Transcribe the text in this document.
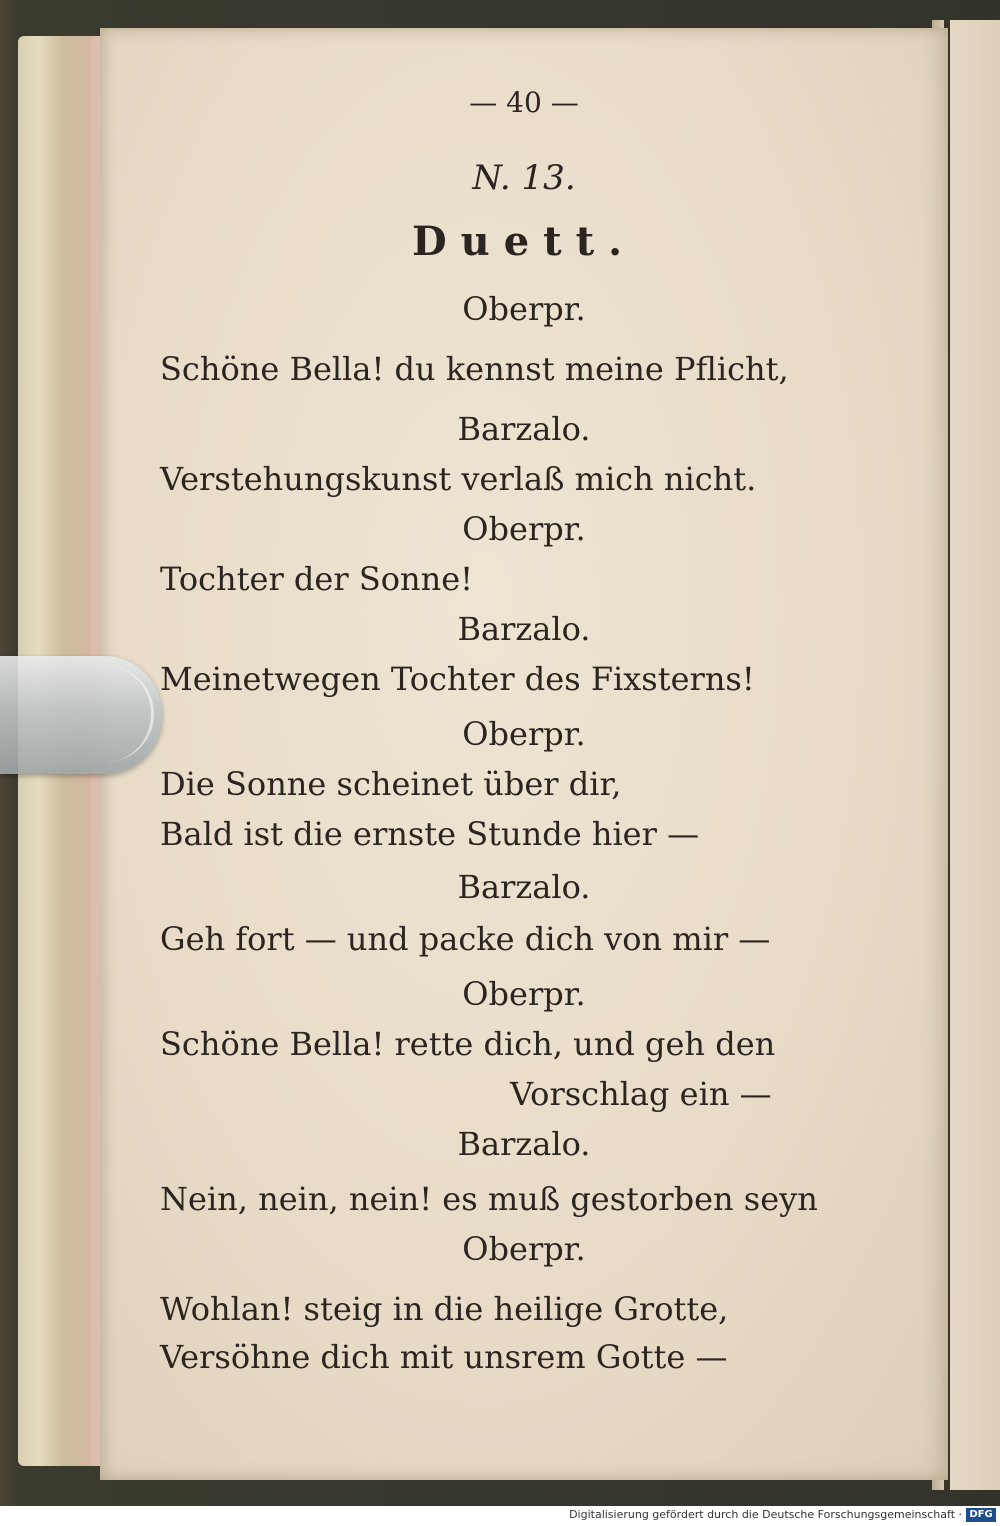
— 40 —
N. 13.
Duett.
Oberpr.
Schöne Bella! du kennst meine Pflicht,
Barzalo.
Verstehungskunst verlaß mich nicht.
Oberpr.
Tochter der Sonne!
Barzalo.
Meinetwegen Tochter des Fixsterns!
Oberpr.
Die Sonne scheinet über dir,
Bald ist die ernste Stunde hier —
Barzalo.
Geh fort — und packe dich von mir —
Oberpr.
Schöne Bella! rette dich, und geh den
Vorschlag ein —
Barzalo.
Nein, nein, nein! es muß gestorben seyn
Oberpr.
Wohlan! steig in die heilige Grotte,
Versöhne dich mit unsrem Gotte —
Digitalisierung gefördert durch die Deutsche Forschungsgemeinschaft · DFG
